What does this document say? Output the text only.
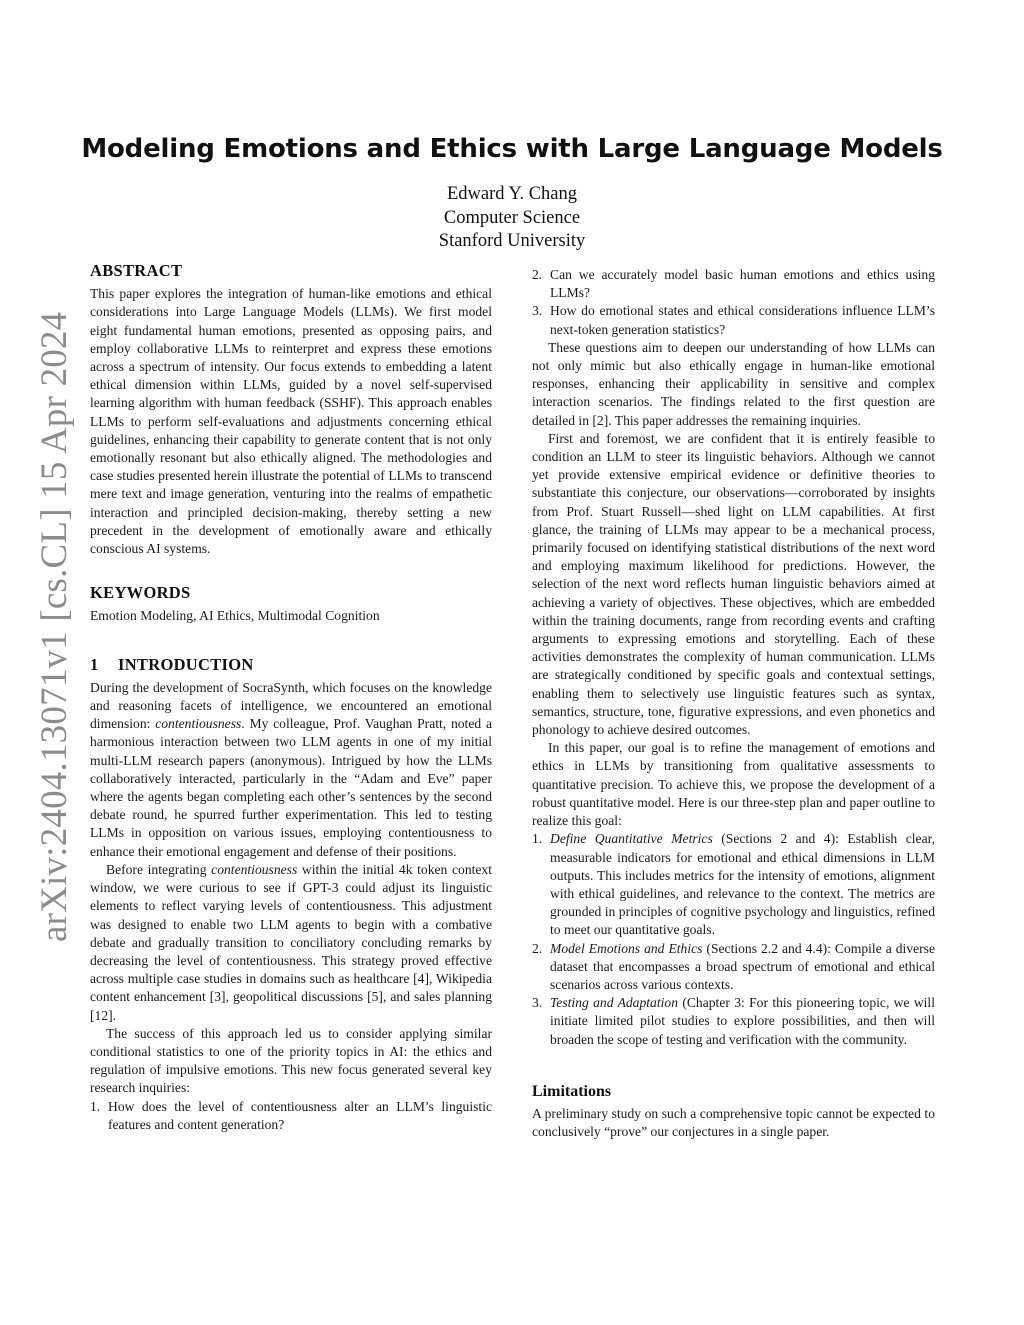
arXiv:2404.13071v1 [cs.CL] 15 Apr 2024
Modeling Emotions and Ethics with Large Language Models
Edward Y. Chang
Computer Science
Stanford University
ABSTRACT

This paper explores the integration of human-like emotions and ethical considerations into Large Language Models (LLMs). We first model eight fundamental human emotions, presented as opposing pairs, and employ collaborative LLMs to reinterpret and express these emotions across a spectrum of intensity. Our focus extends to embedding a latent ethical dimension within LLMs, guided by a novel self-supervised learning algorithm with human feedback (SSHF). This approach enables LLMs to perform self-evaluations and adjustments concerning ethical guidelines, enhancing their capability to generate content that is not only emotionally resonant but also ethically aligned. The methodologies and case studies presented herein illustrate the potential of LLMs to transcend mere text and image generation, venturing into the realms of empathetic interaction and principled decision-making, thereby setting a new precedent in the development of emotionally aware and ethically conscious AI systems.

KEYWORDS

Emotion Modeling, AI Ethics, Multimodal Cognition

1 INTRODUCTION

During the development of SocraSynth, which focuses on the knowledge and reasoning facets of intelligence, we encountered an emotional dimension: contentiousness. My colleague, Prof. Vaughan Pratt, noted a harmonious interaction between two LLM agents in one of my initial multi-LLM research papers (anonymous). Intrigued by how the LLMs collaboratively interacted, particularly in the “Adam and Eve” paper where the agents began completing each other’s sentences by the second debate round, he spurred further experimentation. This led to testing LLMs in opposition on various issues, employing contentiousness to enhance their emotional engagement and defense of their positions.

Before integrating contentiousness within the initial 4k token context window, we were curious to see if GPT-3 could adjust its linguistic elements to reflect varying levels of contentiousness. This adjustment was designed to enable two LLM agents to begin with a combative debate and gradually transition to conciliatory concluding remarks by decreasing the level of contentiousness. This strategy proved effective across multiple case studies in domains such as healthcare [4], Wikipedia content enhancement [3], geopolitical discussions [5], and sales planning [12].

The success of this approach led us to consider applying similar conditional statistics to one of the priority topics in AI: the ethics and regulation of impulsive emotions. This new focus generated several key research inquiries:

1. How does the level of contentiousness alter an LLM’s linguistic features and content generation?
2. Can we accurately model basic human emotions and ethics using LLMs?
3. How do emotional states and ethical considerations influence LLM’s next-token generation statistics?

These questions aim to deepen our understanding of how LLMs can not only mimic but also ethically engage in human-like emotional responses, enhancing their applicability in sensitive and complex interaction scenarios. The findings related to the first question are detailed in [2]. This paper addresses the remaining inquiries.

First and foremost, we are confident that it is entirely feasible to condition an LLM to steer its linguistic behaviors. Although we cannot yet provide extensive empirical evidence or definitive theories to substantiate this conjecture, our observations—corroborated by insights from Prof. Stuart Russell—shed light on LLM capabilities. At first glance, the training of LLMs may appear to be a mechanical process, primarily focused on identifying statistical distributions of the next word and employing maximum likelihood for predictions. However, the selection of the next word reflects human linguistic behaviors aimed at achieving a variety of objectives. These objectives, which are embedded within the training documents, range from recording events and crafting arguments to expressing emotions and storytelling. Each of these activities demonstrates the complexity of human communication. LLMs are strategically conditioned by specific goals and contextual settings, enabling them to selectively use linguistic features such as syntax, semantics, structure, tone, figurative expressions, and even phonetics and phonology to achieve desired outcomes.

In this paper, our goal is to refine the management of emotions and ethics in LLMs by transitioning from qualitative assessments to quantitative precision. To achieve this, we propose the development of a robust quantitative model. Here is our three-step plan and paper outline to realize this goal:

1. Define Quantitative Metrics (Sections 2 and 4): Establish clear, measurable indicators for emotional and ethical dimensions in LLM outputs. This includes metrics for the intensity of emotions, alignment with ethical guidelines, and relevance to the context. The metrics are grounded in principles of cognitive psychology and linguistics, refined to meet our quantitative goals.
2. Model Emotions and Ethics (Sections 2.2 and 4.4): Compile a diverse dataset that encompasses a broad spectrum of emotional and ethical scenarios across various contexts.
3. Testing and Adaptation (Chapter 3: For this pioneering topic, we will initiate limited pilot studies to explore possibilities, and then will broaden the scope of testing and verification with the community.
Limitations

A preliminary study on such a comprehensive topic cannot be expected to conclusively “prove” our conjectures in a single paper.
